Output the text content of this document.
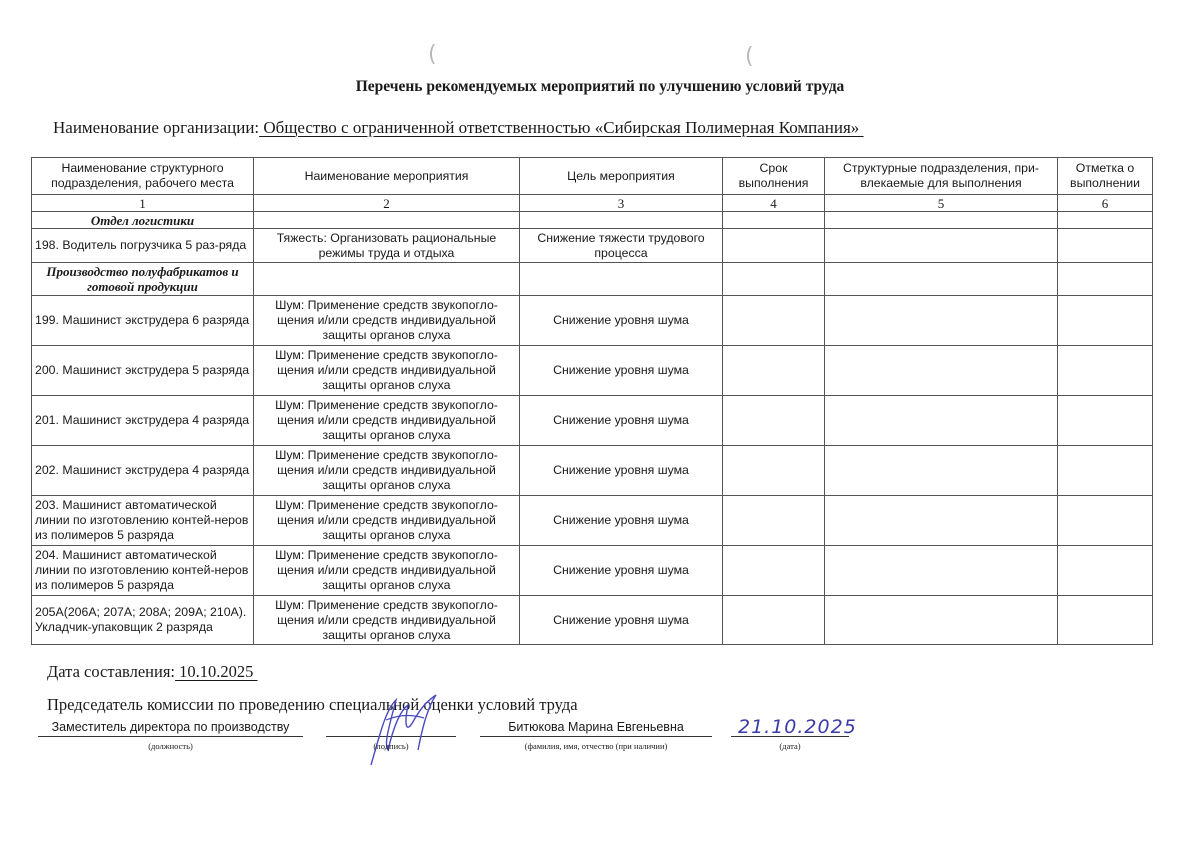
(	(
Перечень рекомендуемых мероприятий по улучшению условий труда
Наименование организации: Общество с ограниченной ответственностью «Сибирская Полимерная Компания»
Наименование структурного подразделения, рабочего места	Наименование мероприятия	Цель мероприятия	Срок выполнения	Структурные подразделения, при-влекаемые для выполнения	Отметка о выполнении
1	2	3	4	5	6
Отдел логистики					
198. Водитель погрузчика 5 раз-ряда	Тяжесть: Организовать рациональные режимы труда и отдыха	Снижение тяжести трудового процесса			
Производство полуфабрикатов и готовой продукции					
199. Машинист экструдера 6 разряда	Шум: Применение средств звукопогло-щения и/или средств индивидуальной защиты органов слуха	Снижение уровня шума			
200. Машинист экструдера 5 разряда	Шум: Применение средств звукопогло-щения и/или средств индивидуальной защиты органов слуха	Снижение уровня шума			
201. Машинист экструдера 4 разряда	Шум: Применение средств звукопогло-щения и/или средств индивидуальной защиты органов слуха	Снижение уровня шума			
202. Машинист экструдера 4 разряда	Шум: Применение средств звукопогло-щения и/или средств индивидуальной защиты органов слуха	Снижение уровня шума			
203. Машинист автоматической линии по изготовлению контей-неров из полимеров 5 разряда	Шум: Применение средств звукопогло-щения и/или средств индивидуальной защиты органов слуха	Снижение уровня шума			
204. Машинист автоматической линии по изготовлению контей-неров из полимеров 5 разряда	Шум: Применение средств звукопогло-щения и/или средств индивидуальной защиты органов слуха	Снижение уровня шума			
205А(206А; 207А; 208А; 209А; 210А). Укладчик-упаковщик 2 разряда	Шум: Применение средств звукопогло-щения и/или средств индивидуальной защиты органов слуха	Снижение уровня шума			
Дата составления: 10.10.2025
Председатель комиссии по проведению специальной оценки условий труда
Заместитель директора по производству
(должность)	(подпись)
Битюкова Марина Евгеньевна
(фамилия, имя, отчество (при наличии)
21.10.2025
(дата)
